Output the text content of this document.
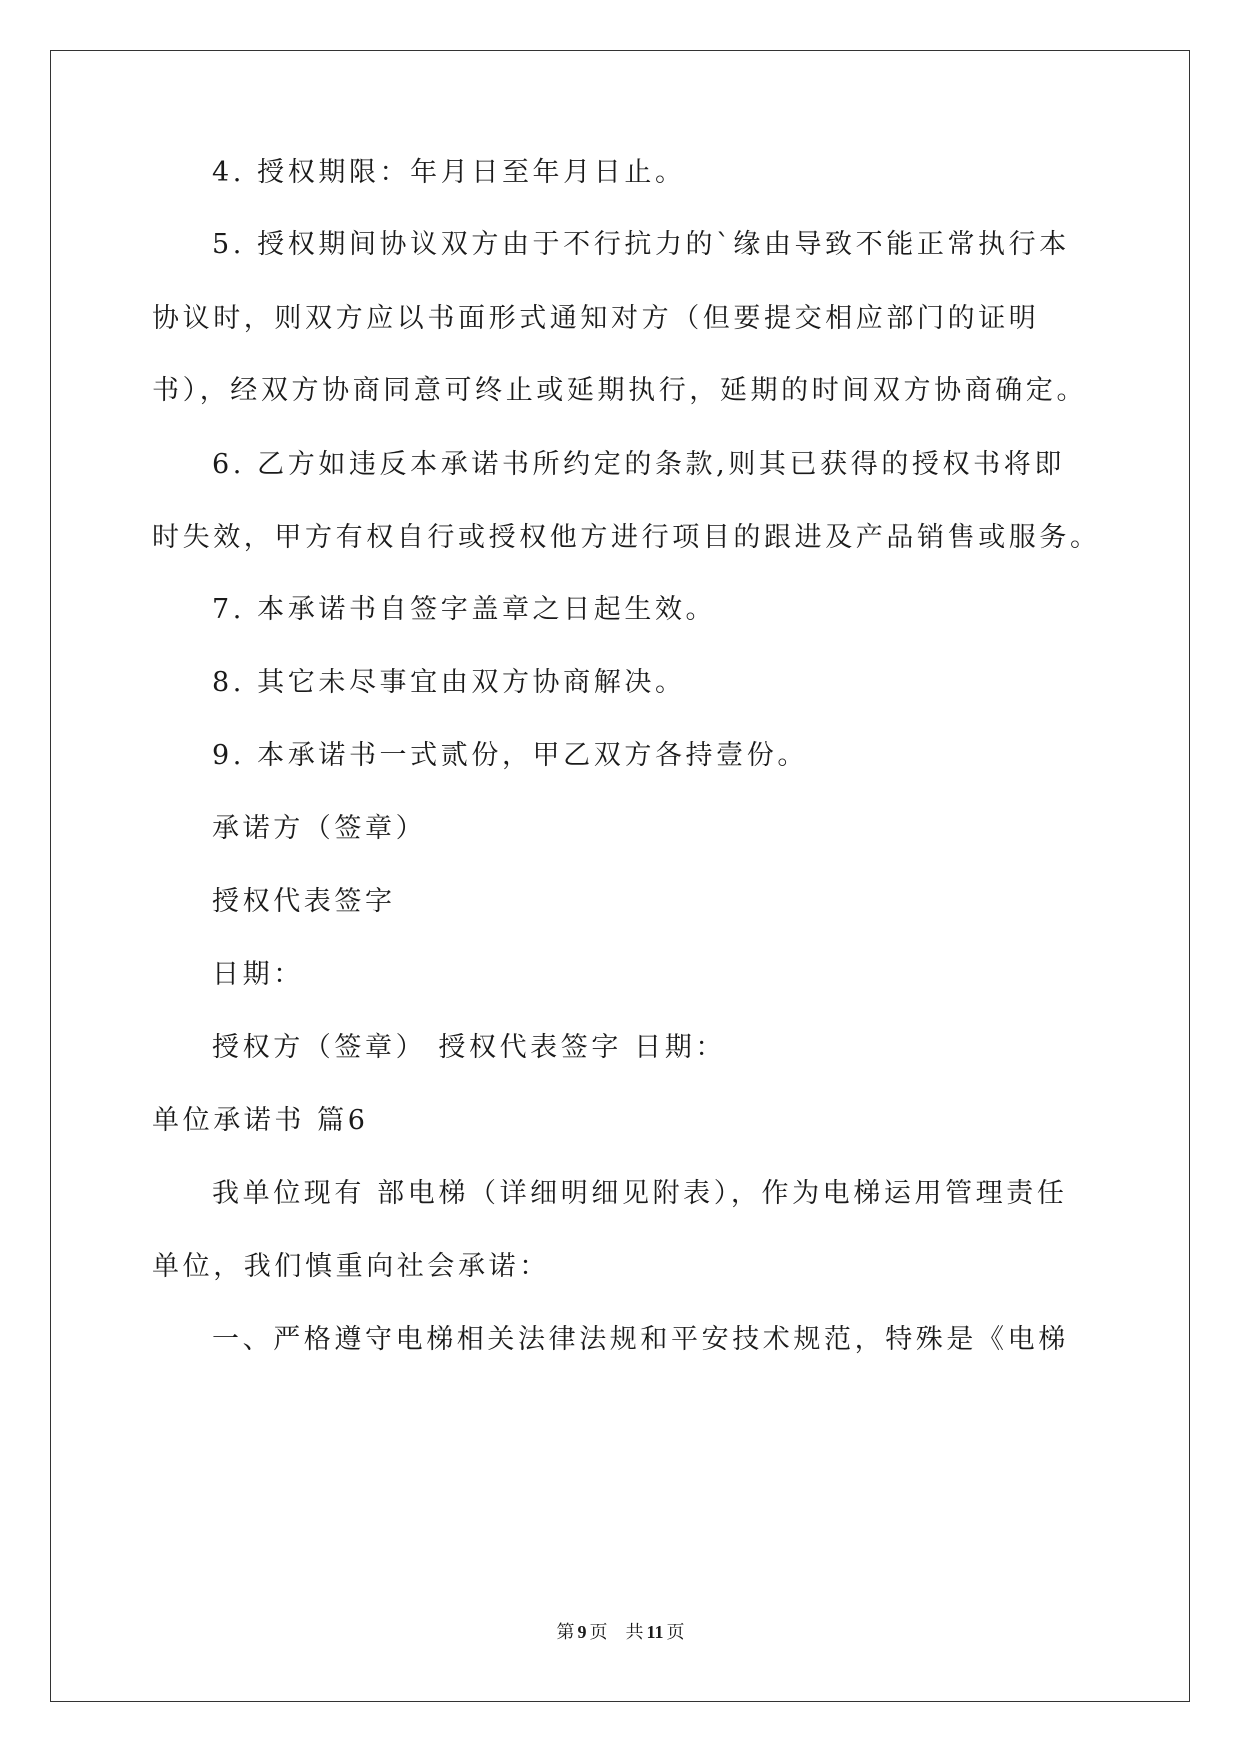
4. 授权期限：年月日至年月日止。
5. 授权期间协议双方由于不行抗力的`缘由导致不能正常执行本
协议时，则双方应以书面形式通知对方（但要提交相应部门的证明
书），经双方协商同意可终止或延期执行，延期的时间双方协商确定。
6. 乙方如违反本承诺书所约定的条款,则其已获得的授权书将即
时失效，甲方有权自行或授权他方进行项目的跟进及产品销售或服务。
7. 本承诺书自签字盖章之日起生效。
8. 其它未尽事宜由双方协商解决。
9. 本承诺书一式贰份，甲乙双方各持壹份。
承诺方（签章）
授权代表签字
日期：
授权方（签章） 授权代表签字 日期：
单位承诺书 篇6
我单位现有 部电梯（详细明细见附表），作为电梯运用管理责任
单位，我们慎重向社会承诺：
一、严格遵守电梯相关法律法规和平安技术规范，特殊是《电梯
第 9 页　共 11 页
